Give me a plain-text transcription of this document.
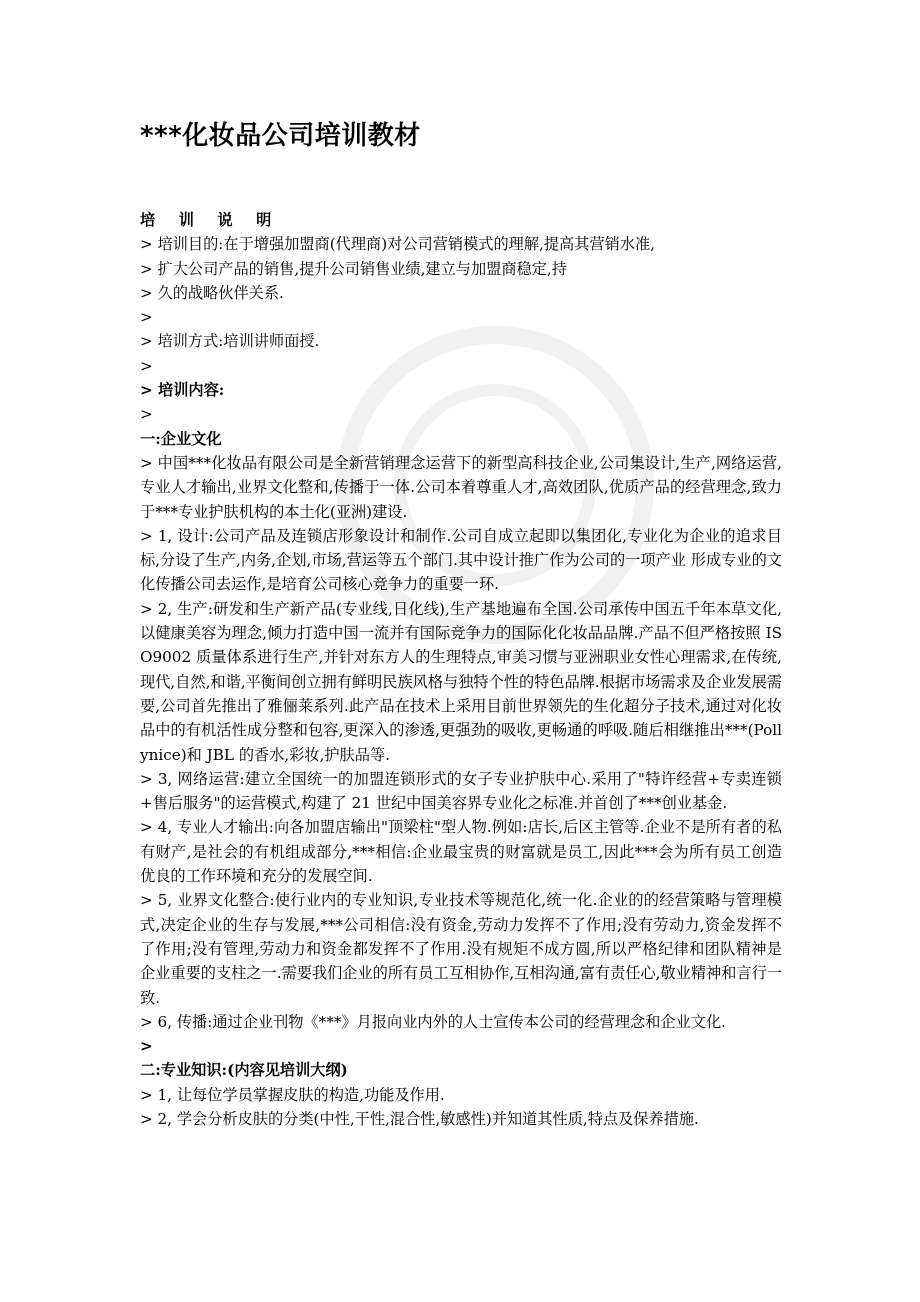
***化妆品公司培训教材
培 训 说 明
> 培训目的:在于增强加盟商(代理商)对公司营销模式的理解,提高其营销水准,
> 扩大公司产品的销售,提升公司销售业绩,建立与加盟商稳定,持
> 久的战略伙伴关系.
>
> 培训方式:培训讲师面授.
>
> 培训内容:
>
一:企业文化
> 中国***化妆品有限公司是全新营销理念运营下的新型高科技企业,公司集设计,生产,网络运营,专业人才输出,业界文化整和,传播于一体.公司本着尊重人才,高效团队,优质产品的经营理念,致力于***专业护肤机构的本土化(亚洲)建设.
> 1, 设计:公司产品及连锁店形象设计和制作.公司自成立起即以集团化,专业化为企业的追求目标,分设了生产,内务,企划,市场,营运等五个部门.其中设计推广作为公司的一项产业 形成专业的文化传播公司去运作,是培育公司核心竞争力的重要一环.
> 2, 生产:研发和生产新产品(专业线,日化线),生产基地遍布全国.公司承传中国五千年本草文化,以健康美容为理念,倾力打造中国一流并有国际竞争力的国际化化妆品品牌.产品不但严格按照 ISO9002 质量体系进行生产,并针对东方人的生理特点,审美习惯与亚洲职业女性心理需求,在传统,现代,自然,和谐,平衡间创立拥有鲜明民族风格与独特个性的特色品牌.根据市场需求及企业发展需要,公司首先推出了雅俪莱系列.此产品在技术上采用目前世界领先的生化超分子技术,通过对化妆品中的有机活性成分整和包容,更深入的渗透,更强劲的吸收,更畅通的呼吸.随后相继推出***(Pollynice)和 JBL 的香水,彩妆,护肤品等.
> 3, 网络运营:建立全国统一的加盟连锁形式的女子专业护肤中心.采用了"特许经营+专卖连锁+售后服务"的运营模式,构建了 21 世纪中国美容界专业化之标准.并首创了***创业基金.
> 4, 专业人才输出:向各加盟店输出"顶梁柱"型人物.例如:店长,后区主管等.企业不是所有者的私有财产,是社会的有机组成部分,***相信:企业最宝贵的财富就是员工,因此***会为所有员工创造优良的工作环境和充分的发展空间.
> 5, 业界文化整合:使行业内的专业知识,专业技术等规范化,统一化.企业的的经营策略与管理模式,决定企业的生存与发展,***公司相信:没有资金,劳动力发挥不了作用;没有劳动力,资金发挥不了作用;没有管理,劳动力和资金都发挥不了作用.没有规矩不成方圆,所以严格纪律和团队精神是企业重要的支柱之一.需要我们企业的所有员工互相协作,互相沟通,富有责任心,敬业精神和言行一致.
> 6, 传播:通过企业刊物《***》月报向业内外的人士宣传本公司的经营理念和企业文化.
>
二:专业知识:(内容见培训大纲)
> 1, 让每位学员掌握皮肤的构造,功能及作用.
> 2, 学会分析皮肤的分类(中性,干性,混合性,敏感性)并知道其性质,特点及保养措施.
